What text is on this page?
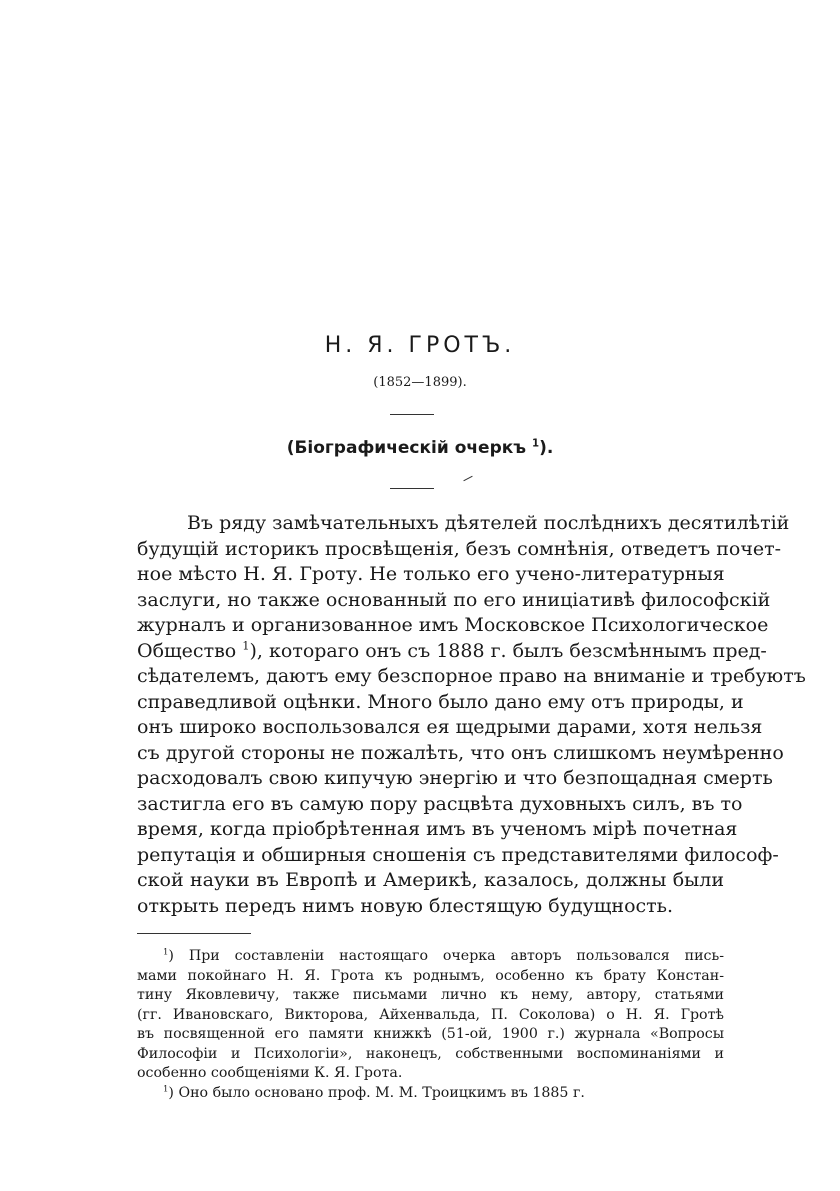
Н. Я. ГРОТЪ.
(1852—1899).
(Біографическій очеркъ $^1$).
Въ ряду замѣчательныхъ дѣятелей послѣднихъ десятилѣтій
будущій историкъ просвѣщенія, безъ сомнѣнія, отведетъ почет-
ное мѣсто Н. Я. Гроту. Не только его учено-литературныя
заслуги, но также основанный по его иниціативѣ философскій
журналъ и организованное имъ Московское Психологическое
Общество $^1$), котораго онъ съ 1888 г. былъ безсмѣннымъ пред-
сѣдателемъ, даютъ ему безспорное право на вниманіе и требуютъ
справедливой оцѣнки. Много было дано ему отъ природы, и
онъ широко воспользовался ея щедрыми дарами, хотя нельзя
съ другой стороны не пожалѣть, что онъ слишкомъ неумѣренно
расходовалъ свою кипучую энергію и что безпощадная смерть
застигла его въ самую пору расцвѣта духовныхъ силъ, въ то
время, когда пріобрѣтенная имъ въ ученомъ мірѣ почетная
репутація и обширныя сношенія съ представителями философ-
ской науки въ Европѣ и Америкѣ, казалось, должны были
открыть передъ нимъ новую блестящую будущность.
$^1$) При составленіи настоящаго очерка авторъ пользовался пись-
мами покойнаго Н. Я. Грота къ роднымъ, особенно къ брату Констан-
тину Яковлевичу, также письмами лично къ нему, автору, статьями
(гг. Ивановскаго, Викторова, Айхенвальда, П. Соколова) о Н. Я. Гротѣ
въ посвященной его памяти книжкѣ (51-ой, 1900 г.) журнала «Вопросы
Философіи и Психологіи», наконецъ, собственными воспоминаніями и
особенно сообщеніями К. Я. Грота.
$^1$) Оно было основано проф. М. М. Троицкимъ въ 1885 г.
